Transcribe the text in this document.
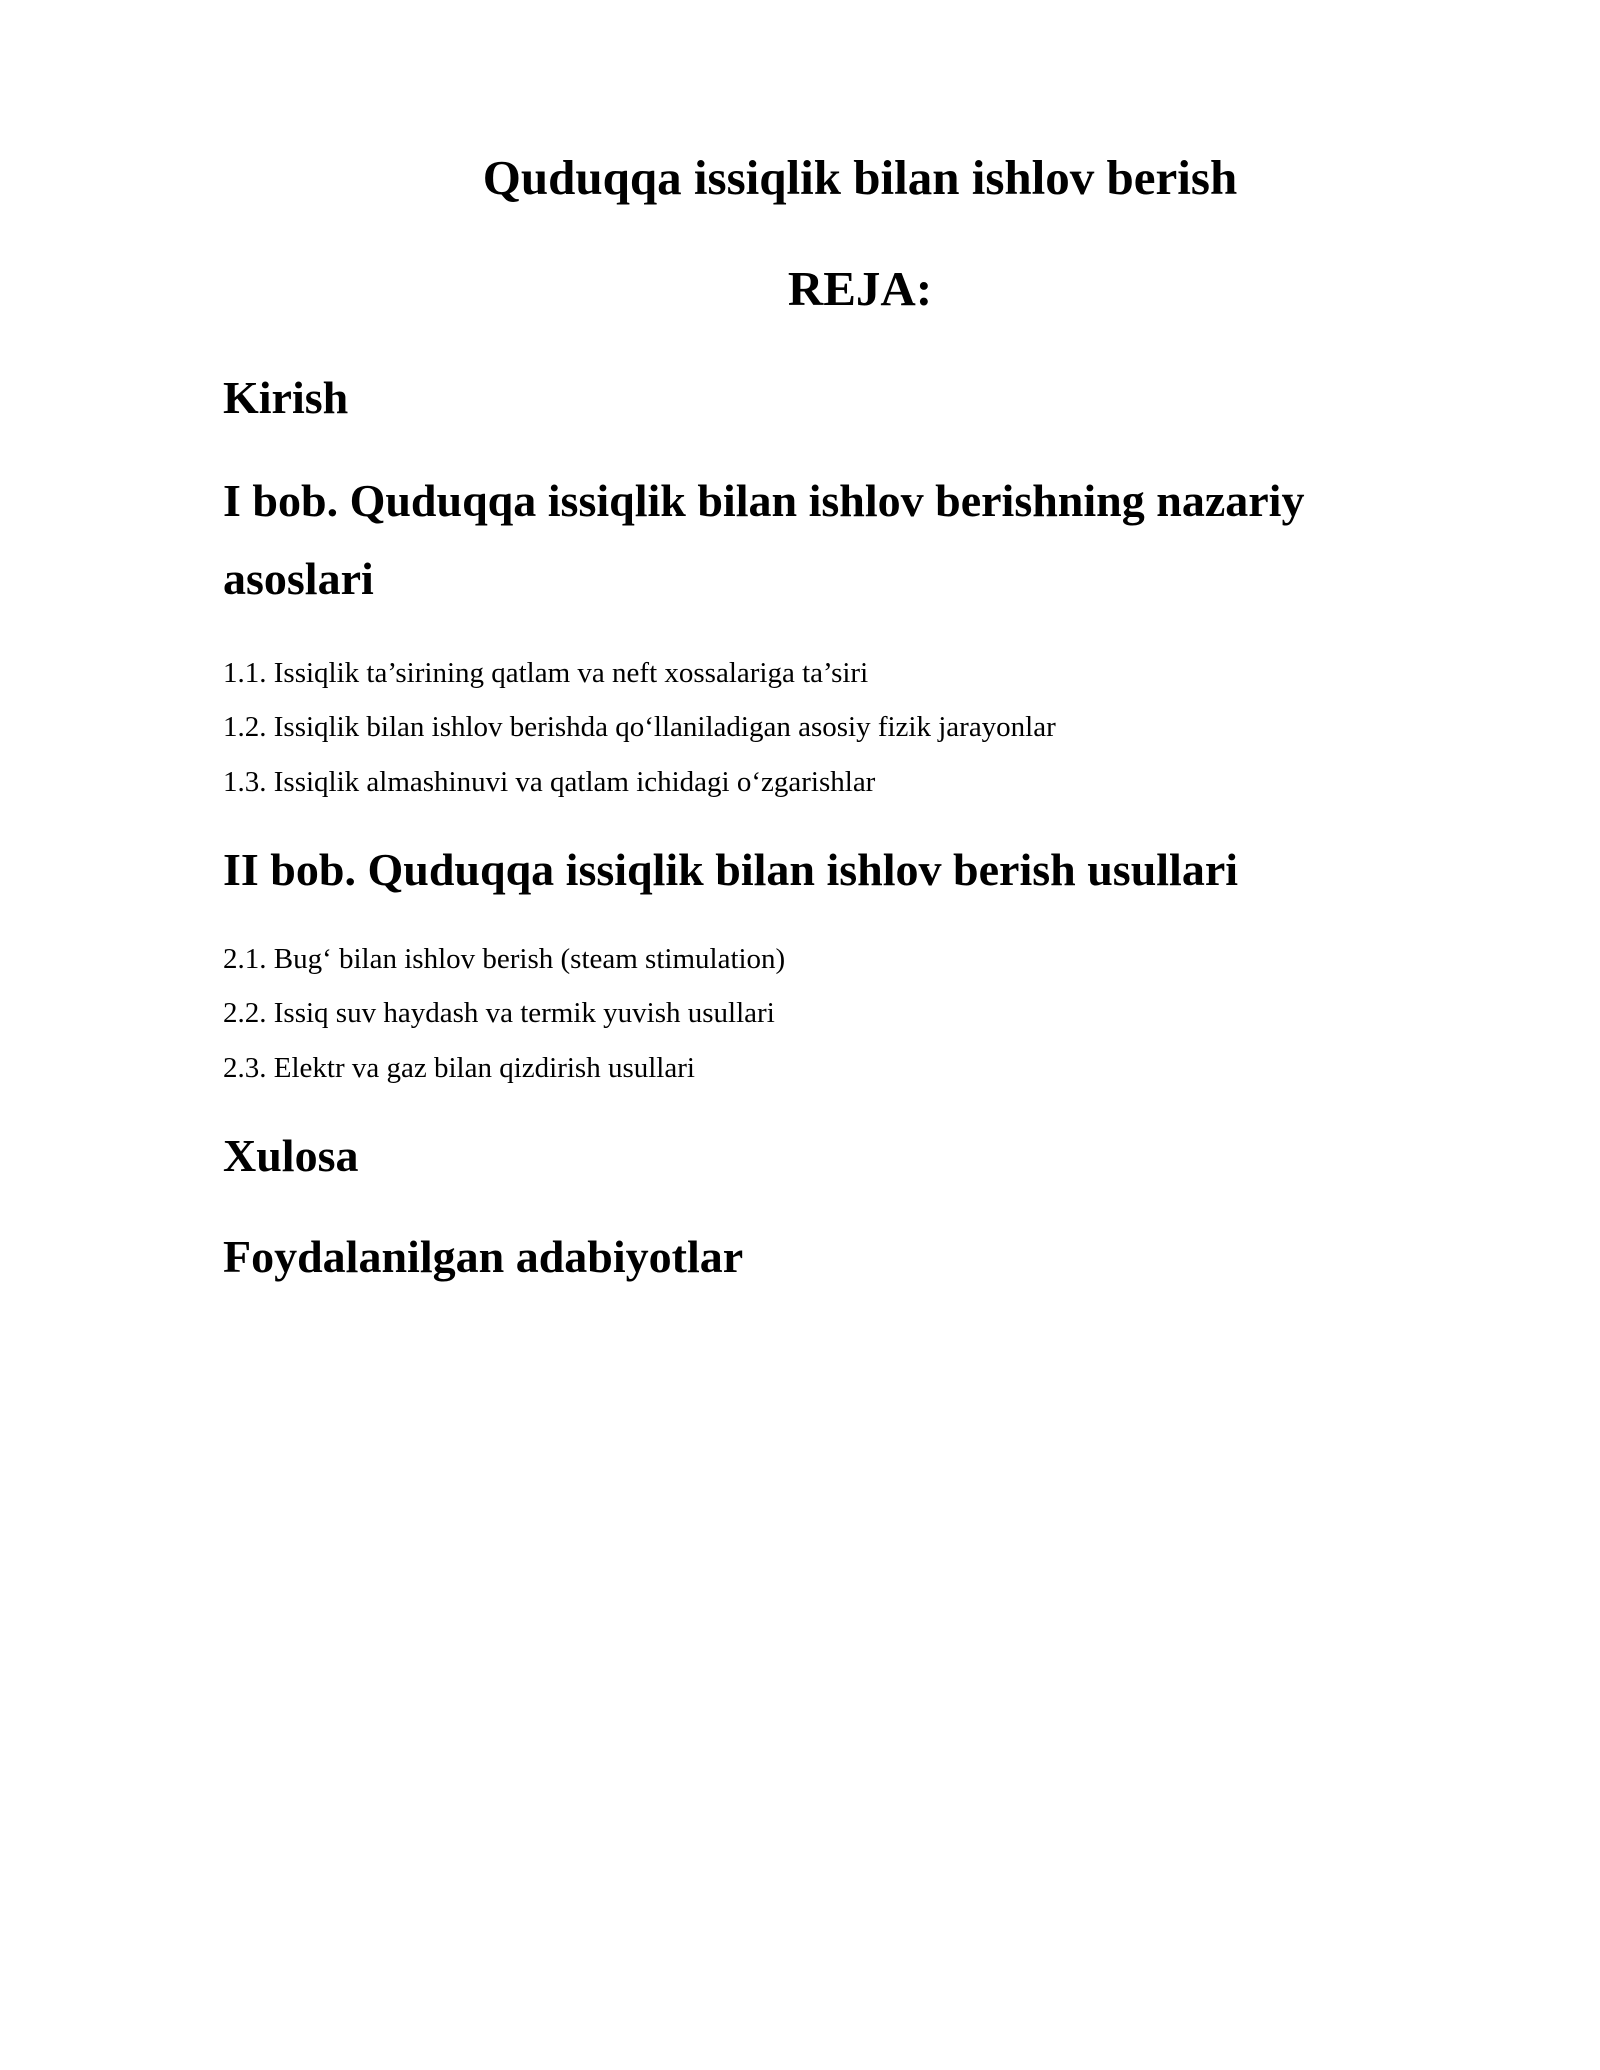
Quduqqa issiqlik bilan ishlov berish
REJA:
Kirish
I bob. Quduqqa issiqlik bilan ishlov berishning nazariy
asoslari

1.1. Issiqlik ta’sirining qatlam va neft xossalariga ta’siri

1.2. Issiqlik bilan ishlov berishda qo‘llaniladigan asosiy fizik jarayonlar

1.3. Issiqlik almashinuvi va qatlam ichidagi o‘zgarishlar

II bob. Quduqqa issiqlik bilan ishlov berish usullari

2.1. Bug‘ bilan ishlov berish (steam stimulation)

2.2. Issiq suv haydash va termik yuvish usullari

2.3. Elektr va gaz bilan qizdirish usullari

Xulosa
Foydalanilgan adabiyotlar
